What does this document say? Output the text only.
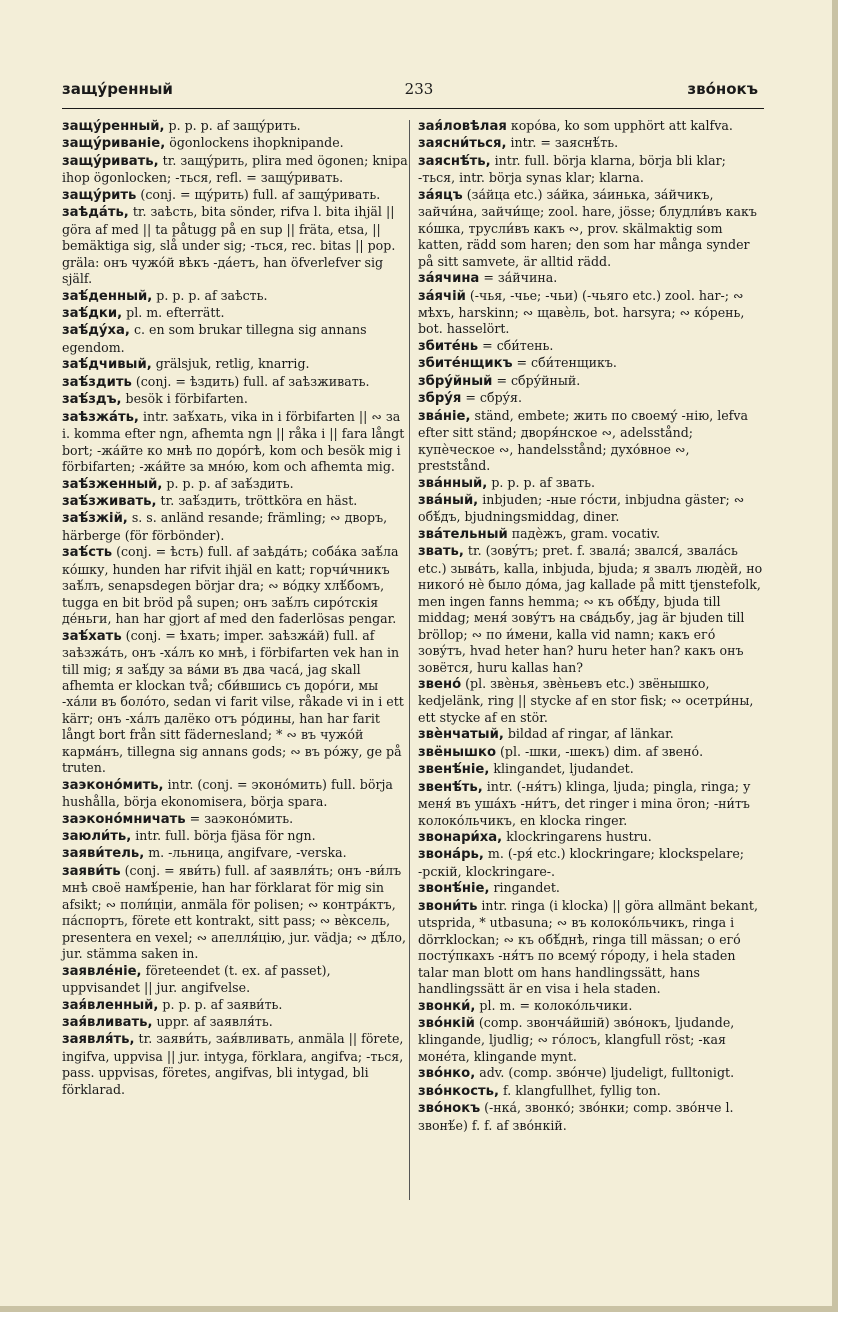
защу́ренный	233	зво́нокъ

защу́ренный, p. p. p. af защу́рить.

защу́риваніе, ögonlockens ihopknipande.

защу́ривать, tr. защу́рить, plira med ögonen; knipa ihop ögonlocken; -ться, refl. = защу́ривать.

защу́рить (conj. = щу́рить) full. af защу́ривать.

заѣда́ть, tr. заѣсть, bita sönder, rifva l. bita ihjäl || göra af med || ta påtugg på en sup || fräta, etsa, || bemäktiga sig, slå under sig; -ться, rec. bitas || pop. gräla: онъ чужо́й вѣкъ -да́етъ, han öfverlefver sig själf.

заѣ́денный, p. p. p. af заѣсть.

заѣ́дки, pl. m. efterrätt.

заѣ́ду́ха, c. en som brukar tillegna sig annans egendom.

заѣ́дчивый, grälsjuk, retlig, knarrig.

заѣ́здить (conj. = ѣздить) full. af заѣзживать.

заѣ́здъ, besök i förbifarten.

заѣзжа́ть, intr. заѣ́хать, vika in i förbifarten || ∾ за i. komma efter ngn, afhemta ngn || råka i || fara långt bort; -жа́йте ко мнѣ по доро́гѣ, kom och besök mig i förbifarten; -жа́йте за мно́ю, kom och afhemta mig.

заѣ́зженный, p. p. p. af заѣ́здить.

заѣ́зживать, tr. заѣ́здить, tröttköra en häst.

заѣ́зжій, s. s. anländ resande; främling; ∾ дворъ, härberge (för förbönder).

заѣ́сть (conj. = ѣсть) full. af заѣда́ть; соба́ка заѣ́ла ко́шку, hunden har rifvit ihjäl en katt; горчи́чникъ заѣ́лъ, senapsdegen börjar dra; ∾ во́дку хлѣ́бомъ, tugga en bit bröd på supen; онъ заѣ́лъ сиро́тскія де́ньги, han har gjort af med den faderlösas pengar.

заѣ́хать (conj. = ѣхать; imper. заѣзжа́й) full. af заѣзжа́ть, онъ -ха́лъ ко мнѣ, i förbifarten vek han in till mig; я заѣ́ду за ва́ми въ два часа́, jag skall afhemta er klockan två; сби́вшись съ доро́ги, мы -ха́ли въ боло́то, sedan vi farit vilse, råkade vi in i ett kärr; онъ -ха́лъ далёко отъ ро́дины, han har farit långt bort från sitt fädernesland; * ∾ въ чужо́й карма́нъ, tillegna sig annans gods; ∾ въ ро́жу, ge på truten.

заэконо́мить, intr. (conj. = эконо́мить) full. börja hushålla, börja ekonomisera, börja spara.

заэконо́мничать = заэконо́мить.

заюли́ть, intr. full. börja fjäsa för ngn.

заяви́тель, m. -льница, angifvare, -verska.

заяви́ть (conj. = яви́ть) full. af заявля́ть; онъ -ви́лъ мнѣ своё намѣ́реніе, han har förklarat för mig sin afsikt; ∾ поли́ціи, anmäla för polisen; ∾ контра́ктъ, па́спортъ, förete ett kontrakt, sitt pass; ∾ вѐксель, presentera en vexel; ∾ апелля́цію, jur. vädja; ∾ дѣ́ло, jur. stämma saken in.

заявле́ніе, företeendet (t. ex. af passet), uppvisandet || jur. angifvelse.

зая́вленный, p. p. p. af заяви́ть.

зая́вливать, uppr. af заявля́ть.

заявля́ть, tr. заяви́ть, зая́вливать, anmäla || förete, ingifva, uppvisa || jur. intyga, förklara, angifva; -ться, pass. uppvisas, företes, angifvas, bli intygad, bli förklarad.

зая́ловѣлая коро́ва, ko som upphört att kalfva.

заясни́ться, intr. = заяснѣ́ть.

заяснѣ́ть, intr. full. börja klarna, börja bli klar; -ться, intr. börja synas klar; klarna.

за́яцъ (за́йца etc.) за́йка, за́инька, за́йчикъ, зайчи́на, зайчи́ще; zool. hare, jösse; блудли́въ какъ ко́шка, трусли́въ какъ ∾, prov. skälmaktig som katten, rädd som haren; den som har många synder på sitt samvete, är alltid rädd.

за́ячина = за́йчина.

за́ячій (-чья, -чье; -чьи) (-чьяго etc.) zool. har-; ∾ мѣхъ, harskinn; ∾ щавѐль, bot. harsyra; ∾ ко́рень, bot. hasselört.

збите́нь = сби́тень.

збите́нщикъ = сби́тенщикъ.

збру́йный = сбру́йный.

збру́я = сбру́я.

зва́ніе, ständ, embete; жить по своему́ -нію, lefva efter sitt ständ; дворя́нское ∾, adelsstånd; купѐческое ∾, handelsstånd; духо́вное ∾, preststånd.

зва́нный, p. p. p. af звать.

зва́ный, inbjuden; -ные го́сти, inbjudna gäster; ∾ обѣ́дъ, bjudningsmiddag, diner.

зва́тельный падѐжъ, gram. vocativ.

звать, tr. (зовýтъ; pret. f. звала́; звался́, звала́сь etc.) зыва́ть, kalla, inbjuda, bjuda; я звалъ людѐй, но никого́ нѐ было до́ма, jag kallade på mitt tjenstefolk, men ingen fanns hemma; ∾ къ обѣ́ду, bjuda till middag; меня́ зову́тъ на сва́дьбу, jag är bjuden till bröllop; ∾ по и́мени, kalla vid namn; какъ его́ зову́тъ, hvad heter han? huru heter han? какъ онъ зовётся, huru kallas han?

звено́ (pl. звѐнья, звѐньевъ etc.) звёнышко, kedjelänk, ring || stycke af en stor fisk; ∾ осетри́ны, ett stycke af en stör.

звѐнчатый, bildad af ringar, af länkar.

звёнышко (pl. -шки, -шекъ) dim. af звено́.

звенѣ́ніе, klingandet, ljudandet.

звенѣ́ть, intr. (-ня́тъ) klinga, ljuda; pingla, ringa; у меня́ въ уша́хъ -ни́тъ, det ringer i mina öron; -ни́тъ колоко́льчикъ, en klocka ringer.

звонари́ха, klockringarens hustru.

звона́рь, m. (-ря́ etc.) klockringare; klockspelare; -рскій, klockringare-.

звонѣ́ніе, ringandet.

звони́ть intr. ringa (i klocka) || göra allmänt bekant, utsprida, * utbasuna; ∾ въ колоко́льчикъ, ringa i dörrklockan; ∾ къ обѣ́днѣ, ringa till mässan; о его́ посту́пкахъ -ня́тъ по всему́ го́роду, i hela staden talar man blott om hans handlingssätt, hans handlingssätt är en visa i hela staden.

звонки́, pl. m. = колоко́льчики.

зво́нкій (comp. звонча́йшій) зво́нокъ, ljudande, klingande, ljudlig; ∾ го́лосъ, klangfull röst; -кая моне́та, klingande mynt.

зво́нко, adv. (comp. зво́нче) ljudeligt, fulltonigt.

зво́нкость, f. klangfullhet, fyllig ton.

зво́нокъ (-нка́, звонко́; зво́нки; comp. зво́нче l. звонѣ́е) f. f. af зво́нкій.
